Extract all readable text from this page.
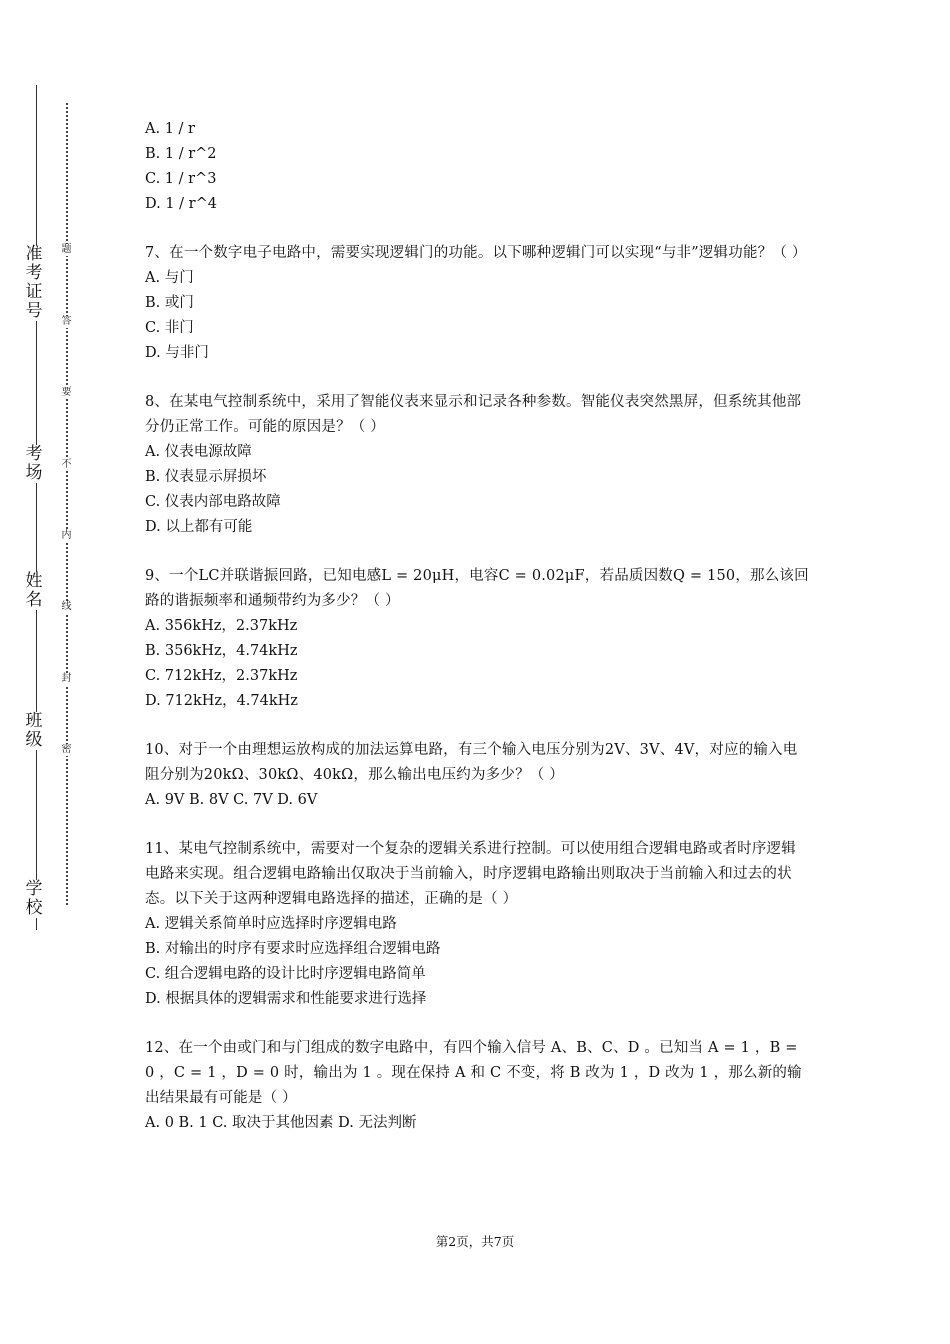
准考证号
考场
姓名
班级
学校
题
答
要
不
内
线
封
密

A. 1 / r

B. 1 / r^2

C. 1 / r^3

D. 1 / r^4

7、在一个数字电子电路中，需要实现逻辑门的功能。以下哪种逻辑门可以实现“与非”逻辑功能？（ ）

A. 与门

B. 或门

C. 非门

D. 与非门

8、在某电气控制系统中，采用了智能仪表来显示和记录各种参数。智能仪表突然黑屏，但系统其他部分仍正常工作。可能的原因是？（ ）

A. 仪表电源故障

B. 仪表显示屏损坏

C. 仪表内部电路故障

D. 以上都有可能

9、一个LC并联谐振回路，已知电感L = 20μH，电容C = 0.02μF，若品质因数Q = 150，那么该回路的谐振频率和通频带约为多少？（ ）

A. 356kHz，2.37kHz

B. 356kHz，4.74kHz

C. 712kHz，2.37kHz

D. 712kHz，4.74kHz

10、对于一个由理想运放构成的加法运算电路，有三个输入电压分别为2V、3V、4V，对应的输入电阻分别为20kΩ、30kΩ、40kΩ，那么输出电压约为多少？（ ）

A. 9V B. 8V C. 7V D. 6V

11、某电气控制系统中，需要对一个复杂的逻辑关系进行控制。可以使用组合逻辑电路或者时序逻辑电路来实现。组合逻辑电路输出仅取决于当前输入，时序逻辑电路输出则取决于当前输入和过去的状态。以下关于这两种逻辑电路选择的描述，正确的是（ ）

A. 逻辑关系简单时应选择时序逻辑电路

B. 对输出的时序有要求时应选择组合逻辑电路

C. 组合逻辑电路的设计比时序逻辑电路简单

D. 根据具体的逻辑需求和性能要求进行选择

12、在一个由或门和与门组成的数字电路中，有四个输入信号 A、B、C、D 。已知当 A = 1 ，B = 0 ，C = 1 ，D = 0 时，输出为 1 。现在保持 A 和 C 不变，将 B 改为 1 ，D 改为 1 ，那么新的输出结果最有可能是（ ）

A. 0 B. 1 C. 取决于其他因素 D. 无法判断

第2页，共7页
